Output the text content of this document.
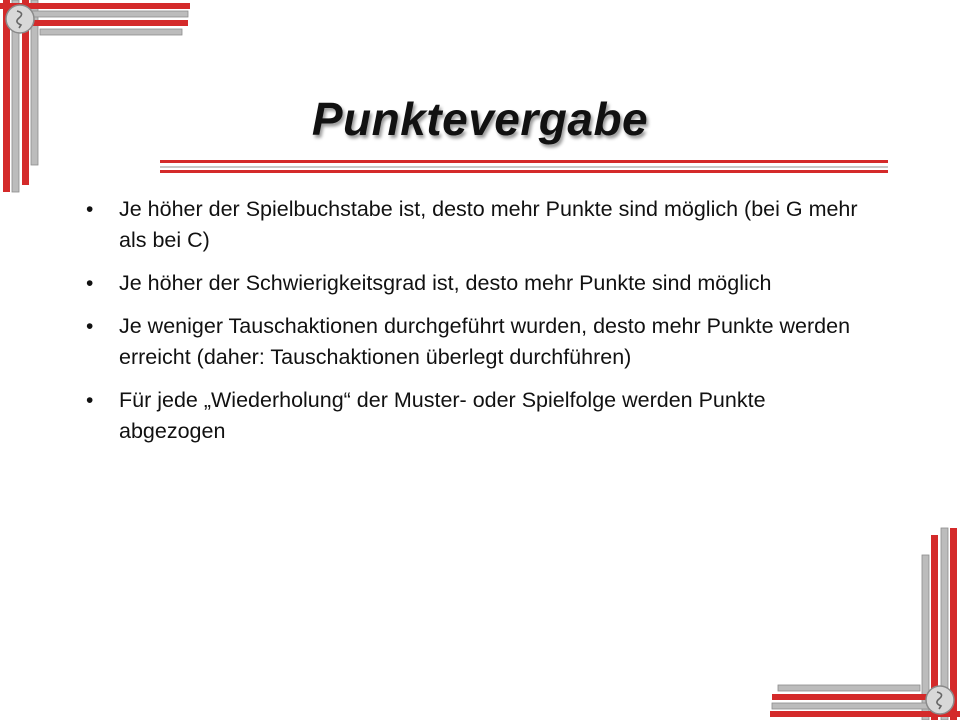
Punktevergabe
• Je höher der Spielbuchstabe ist, desto mehr Punkte sind möglich (bei G mehr als bei C)
• Je höher der Schwierigkeitsgrad ist, desto mehr Punkte sind möglich
• Je weniger Tauschaktionen durchgeführt wurden, desto mehr Punkte werden erreicht (daher: Tauschaktionen überlegt durchführen)
• Für jede „Wiederholung“ der Muster- oder Spielfolge werden Punkte abgezogen
